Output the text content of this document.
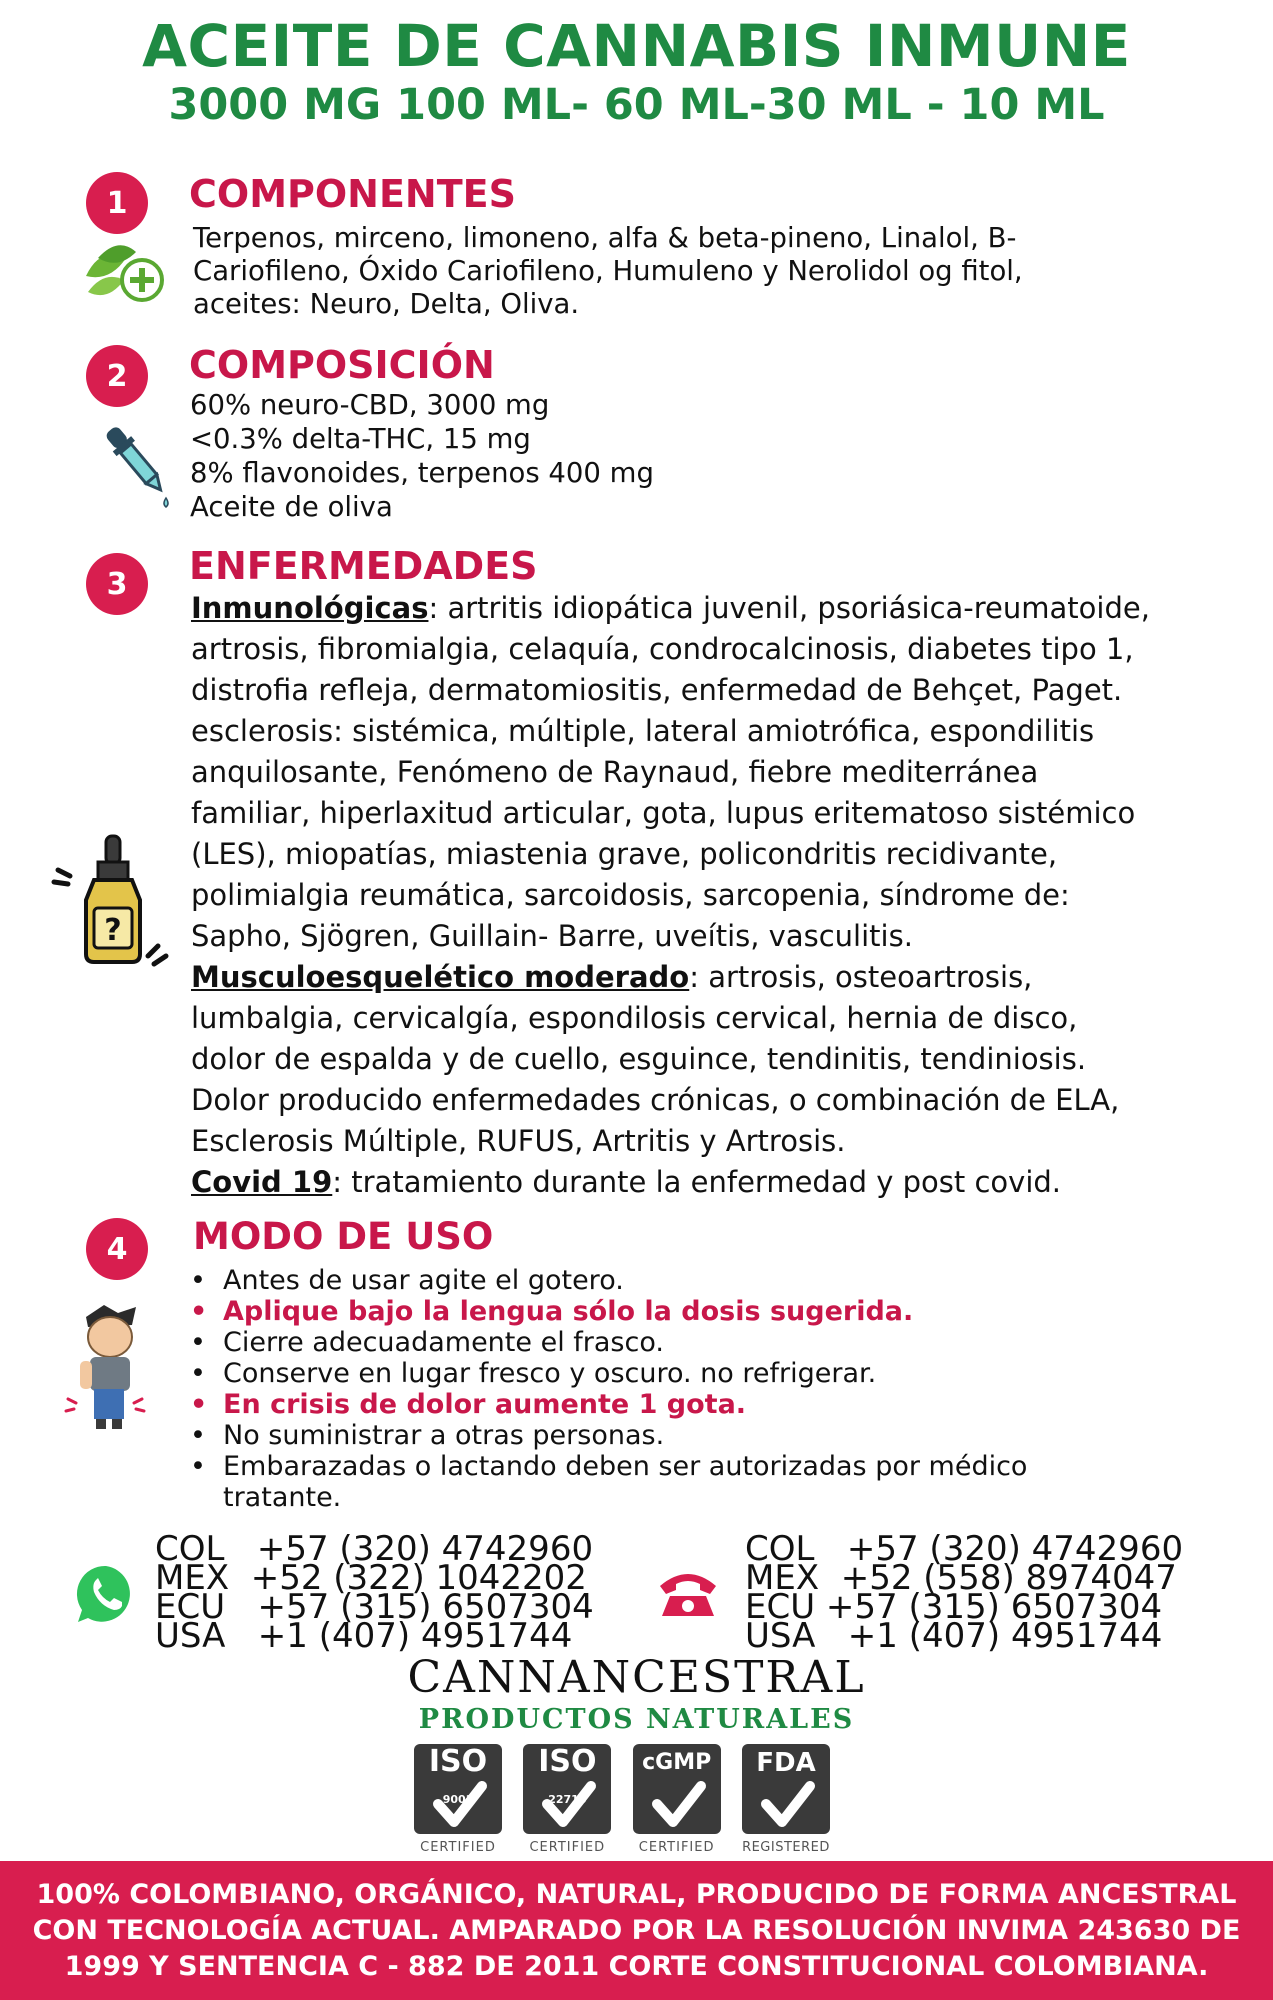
ACEITE DE CANNABIS INMUNE
3000 MG 100 ML- 60 ML-30 ML - 10 ML
1	COMPONENTES

Terpenos, mirceno, limoneno, alfa & beta-pineno, Linalol, B-

Cariofileno, Óxido Cariofileno, Humuleno y Nerolidol og fitol,

aceites: Neuro, Delta, Oliva.

2	COMPOSICIÓN

60% neuro-CBD, 3000 mg

<0.3% delta-THC, 15 mg

8% flavonoides, terpenos 400 mg

Aceite de oliva

3
?
ENFERMEDADES

Inmunológicas: artritis idiopática juvenil, psoriásica-reumatoide,

artrosis, fibromialgia, celaquía, condrocalcinosis, diabetes tipo 1,

distrofia refleja, dermatomiositis, enfermedad de Behçet, Paget.

esclerosis: sistémica, múltiple, lateral amiotrófica, espondilitis

anquilosante, Fenómeno de Raynaud, fiebre mediterránea

familiar, hiperlaxitud articular, gota, lupus eritematoso sistémico

(LES), miopatías, miastenia grave, policondritis recidivante,

polimialgia reumática, sarcoidosis, sarcopenia, síndrome de:

Sapho, Sjögren, Guillain- Barre, uveítis, vasculitis.

Musculoesquelético moderado: artrosis, osteoartrosis,

lumbalgia, cervicalgía, espondilosis cervical, hernia de disco,

dolor de espalda y de cuello, esguince, tendinitis, tendiniosis.

Dolor producido enfermedades crónicas, o combinación de ELA,

Esclerosis Múltiple, RUFUS, Artritis y Artrosis.

Covid 19: tratamiento durante la enfermedad y post covid.

4	MODO DE USO
• Antes de usar agite el gotero.
• Aplique bajo la lengua sólo la dosis sugerida.
• Cierre adecuadamente el frasco.
• Conserve en lugar fresco y oscuro. no refrigerar.
• En crisis de dolor aumente 1 gota.
• No suministrar a otras personas.
• Embarazadas o lactando deben ser autorizadas por médico
tratante.
COL   +57 (320) 4742960
MEX  +52 (322) 1042202
ECU   +57 (315) 6507304
USA   +1 (407) 4951744
COL   +57 (320) 4742960
MEX  +52 (558) 8974047
ECU +57 (315) 6507304
USA   +1 (407) 4951744
CANNANCESTRAL
PRODUCTOS NATURALES
ISO
9001
CERTIFIED
ISO
22716
CERTIFIED	CERTIFIED	REGISTERED
100% COLOMBIANO, ORGÁNICO, NATURAL, PRODUCIDO DE FORMA ANCESTRAL
CON TECNOLOGÍA ACTUAL. AMPARADO POR LA RESOLUCIÓN INVIMA 243630 DE
1999 Y SENTENCIA C - 882 DE 2011 CORTE CONSTITUCIONAL COLOMBIANA.
